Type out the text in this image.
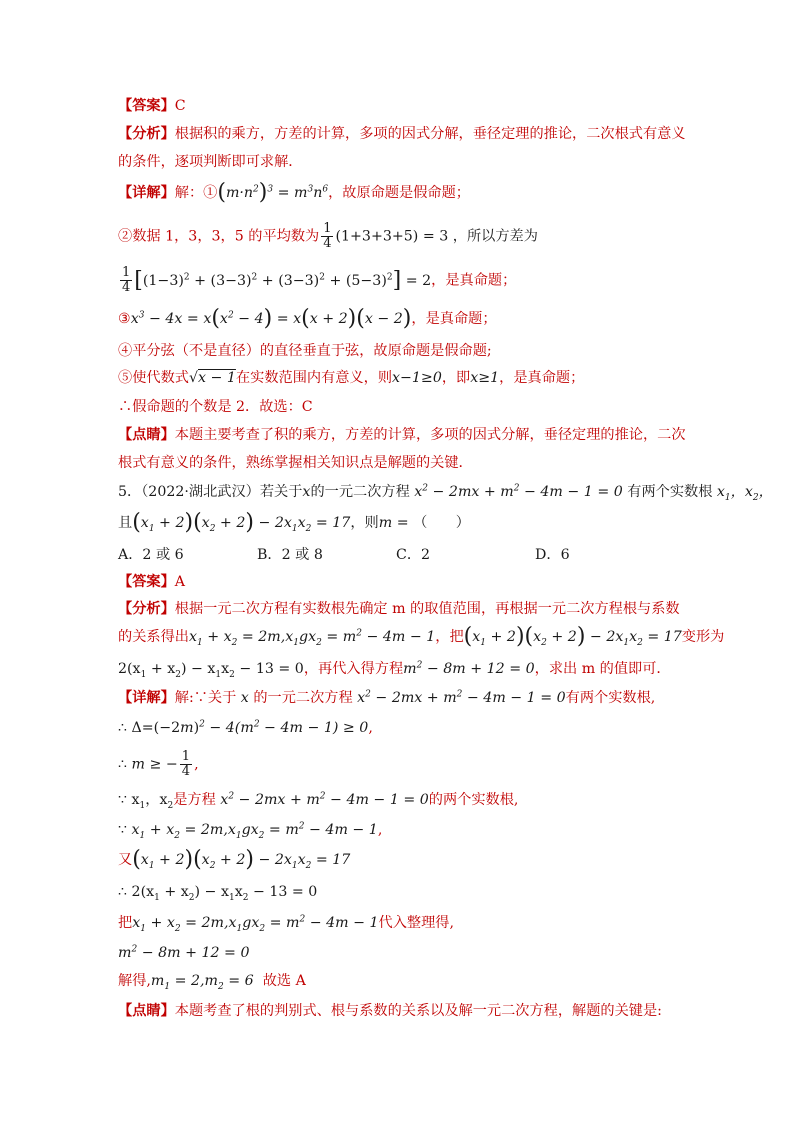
【答案】C
【分析】根据积的乘方，方差的计算，多项的因式分解，垂径定理的推论，二次根式有意义
的条件，逐项判断即可求解．
【详解】解：$①(m\cdot n^2)^3 = m^3n^6$，故原命题是假命题；
②数据 1，3，3，5 的平均数为 $\frac{1}{4} (1+3+3+5) = 3$ ，所以方差为
$\frac{1}{4} [(1-3)^2 + (3-3)^2 + (3-3)^2 + (5-3)^2] = 2$，是真命题；
$③x^3 - 4x = x(x^2 - 4) = x(x + 2)(x - 2)$，是真命题；
④平分弦（不是直径）的直径垂直于弦，故原命题是假命题;
⑤使代数式√x − 1在实数范围内有意义，则x−1≥0，即x≥1，是真命题；
∴假命题的个数是 2．故选：C
【点睛】本题主要考查了积的乘方，方差的计算，多项的因式分解，垂径定理的推论，二次
根式有意义的条件，熟练掌握相关知识点是解题的关键．
5．（2022·湖北武汉）若关于x的一元二次方程 $x^2 - 2mx + m^2 - 4m - 1 = 0$ 有两个实数根 $x_1$，$x_2$，
且$(x_1 + 2)(x_2 + 2) - 2x_1x_2 = 17$，则m = （　　）
A．2 或 6	B．2 或 8	C．2	D．6
【答案】A
【分析】根据一元二次方程有实数根先确定 m 的取值范围，再根据一元二次方程根与系数
的关系得出$x_1 + x_2 = 2m,x_1gx_2 = m^2 - 4m - 1$，把$(x_1 + 2)(x_2 + 2) - 2x_1x_2 = 17$变形为
$2(x_1 + x_2) - x_1x_2 - 13 = 0$，再代入得方程$m^2 - 8m + 12 = 0$，求出 m 的值即可．
【详解】解:∵关于 x 的一元二次方程 $x^2 - 2mx + m^2 - 4m - 1 = 0$有两个实数根,
∴ $\Delta=(-2m)^2 - 4(m^2 - 4m - 1) \ge 0$,
∴ m ≥ − $\frac{1}{4}$ ,
∵ $x_1$，$x_2$是方程 $x^2 - 2mx + m^2 - 4m - 1 = 0$的两个实数根,
∵ $x_1 + x_2 = 2m,x_1gx_2 = m^2 - 4m - 1$,
又$(x_1 + 2)(x_2 + 2) - 2x_1x_2 = 17$
∴ $2(x_1 + x_2) - x_1x_2 - 13 = 0$
把$x_1 + x_2 = 2m,x_1gx_2 = m^2 - 4m - 1$代入整理得,
$m^2 - 8m + 12 = 0$
解得$,m_1 = 2,m_2 = 6$ 故选 A
【点睛】本题考查了根的判别式、根与系数的关系以及解一元二次方程，解题的关键是:
